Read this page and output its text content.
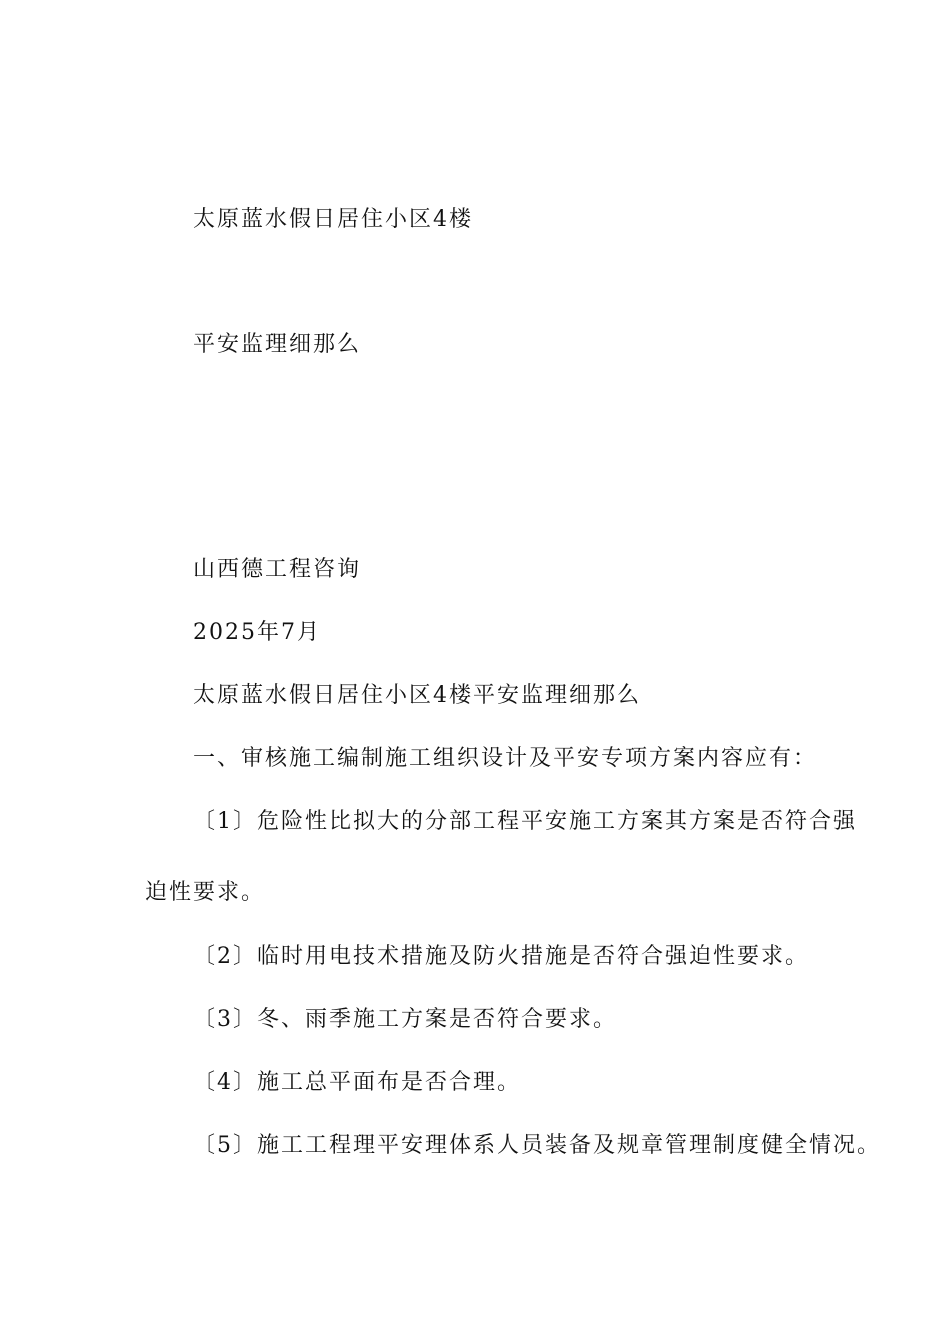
太原蓝水假日居住小区4楼
平安监理细那么
山西德工程咨询
2025年7月
太原蓝水假日居住小区4楼平安监理细那么
一、审核施工编制施工组织设计及平安专项方案内容应有：
〔1〕危险性比拟大的分部工程平安施工方案其方案是否符合强
迫性要求。
〔2〕临时用电技术措施及防火措施是否符合强迫性要求。
〔3〕冬、雨季施工方案是否符合要求。
〔4〕施工总平面布是否合理。
〔5〕施工工程理平安理体系人员装备及规章管理制度健全情况。
